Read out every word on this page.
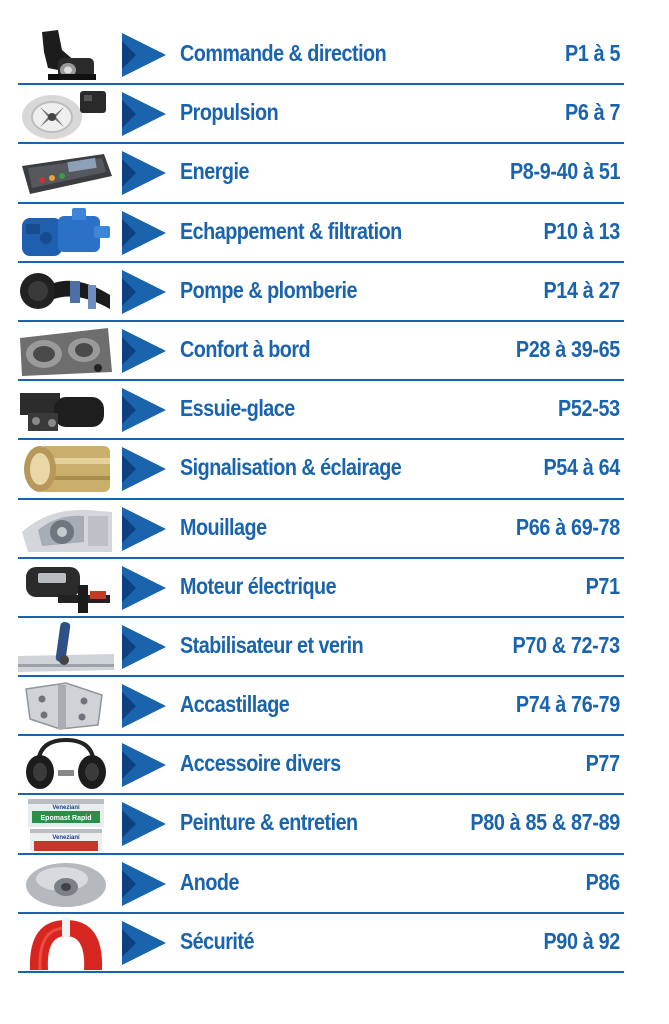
Commande & direction	P1 à 5
Propulsion	P6 à 7
Energie	P8-9-40 à 51
Echappement & filtration	P10 à 13
Pompe & plomberie	P14 à 27
Confort à bord	P28 à 39-65
Essuie-glace	P52-53
Signalisation & éclairage	P54 à 64
Mouillage	P66 à 69-78
Moteur électrique	P71
Stabilisateur et verin	P70 & 72-73
Accastillage	P74 à 76-79
Accessoire divers	P77
Veneziani
Epomast Rapid
Veneziani
Peinture & entretien	P80 à 85 & 87-89
Anode	P86
Sécurité	P90 à 92
